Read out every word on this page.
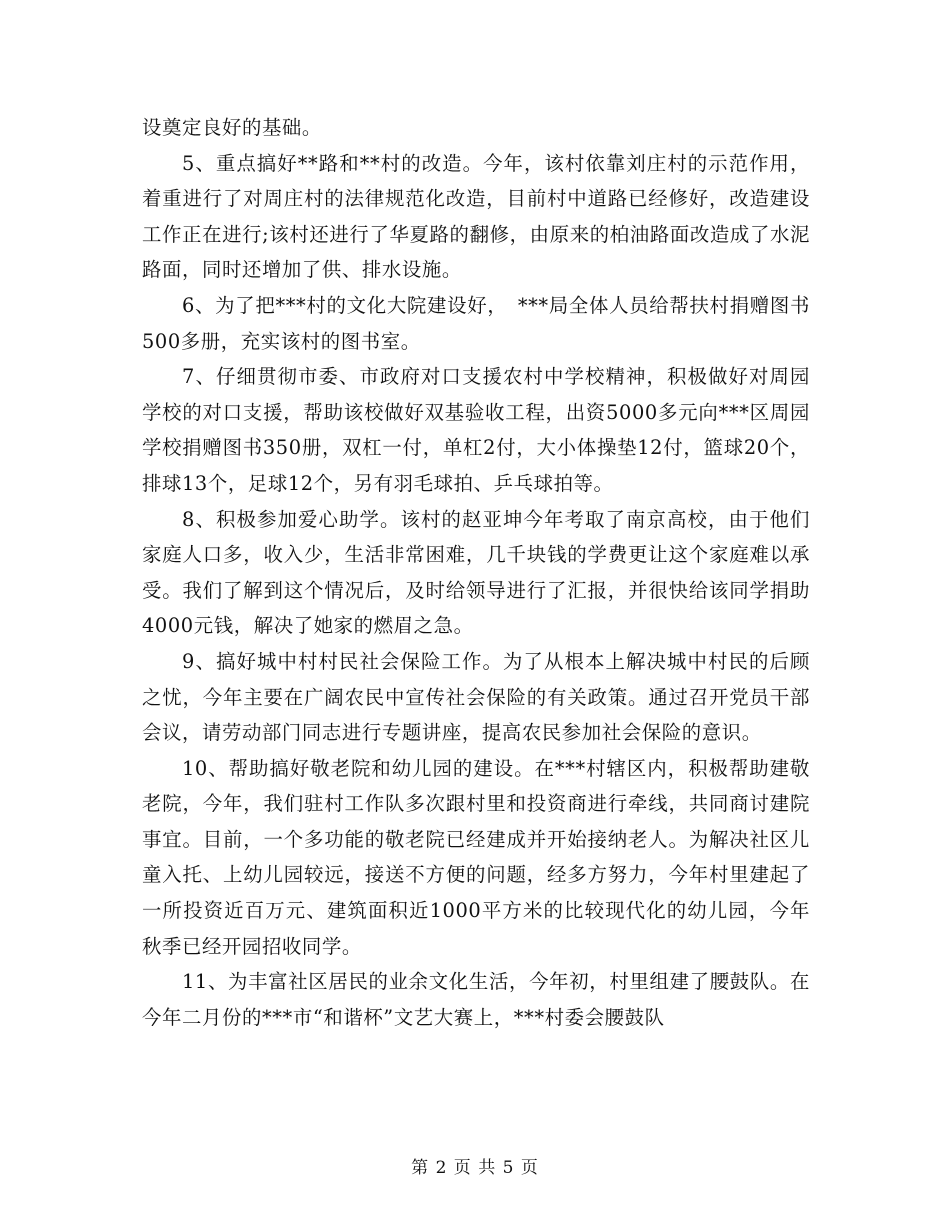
设奠定良好的基础。

5、重点搞好**路和**村的改造。今年，该村依靠刘庄村的示范作用，着重进行了对周庄村的法律规范化改造，目前村中道路已经修好，改造建设工作正在进行;该村还进行了华夏路的翻修，由原来的柏油路面改造成了水泥路面，同时还增加了供、排水设施。

6、为了把***村的文化大院建设好，　***局全体人员给帮扶村捐赠图书500多册，充实该村的图书室。

7、仔细贯彻市委、市政府对口支援农村中学校精神，积极做好对周园学校的对口支援，帮助该校做好双基验收工程，出资5000多元向***区周园学校捐赠图书350册，双杠一付，单杠2付，大小体操垫12付，篮球20个，排球13个，足球12个，另有羽毛球拍、乒乓球拍等。

8、积极参加爱心助学。该村的赵亚坤今年考取了南京高校，由于他们家庭人口多，收入少，生活非常困难，几千块钱的学费更让这个家庭难以承受。我们了解到这个情况后，及时给领导进行了汇报，并很快给该同学捐助4000元钱，解决了她家的燃眉之急。

9、搞好城中村村民社会保险工作。为了从根本上解决城中村民的后顾之忧，今年主要在广阔农民中宣传社会保险的有关政策。通过召开党员干部会议，请劳动部门同志进行专题讲座，提高农民参加社会保险的意识。

10、帮助搞好敬老院和幼儿园的建设。在***村辖区内，积极帮助建敬老院，今年，我们驻村工作队多次跟村里和投资商进行牵线，共同商讨建院事宜。目前，一个多功能的敬老院已经建成并开始接纳老人。为解决社区儿童入托、上幼儿园较远，接送不方便的问题，经多方努力，今年村里建起了一所投资近百万元、建筑面积近1000平方米的比较现代化的幼儿园，今年秋季已经开园招收同学。

11、为丰富社区居民的业余文化生活，今年初，村里组建了腰鼓队。在今年二月份的***市“和谐杯”文艺大赛上，***村委会腰鼓队

第 2 页 共 5 页
